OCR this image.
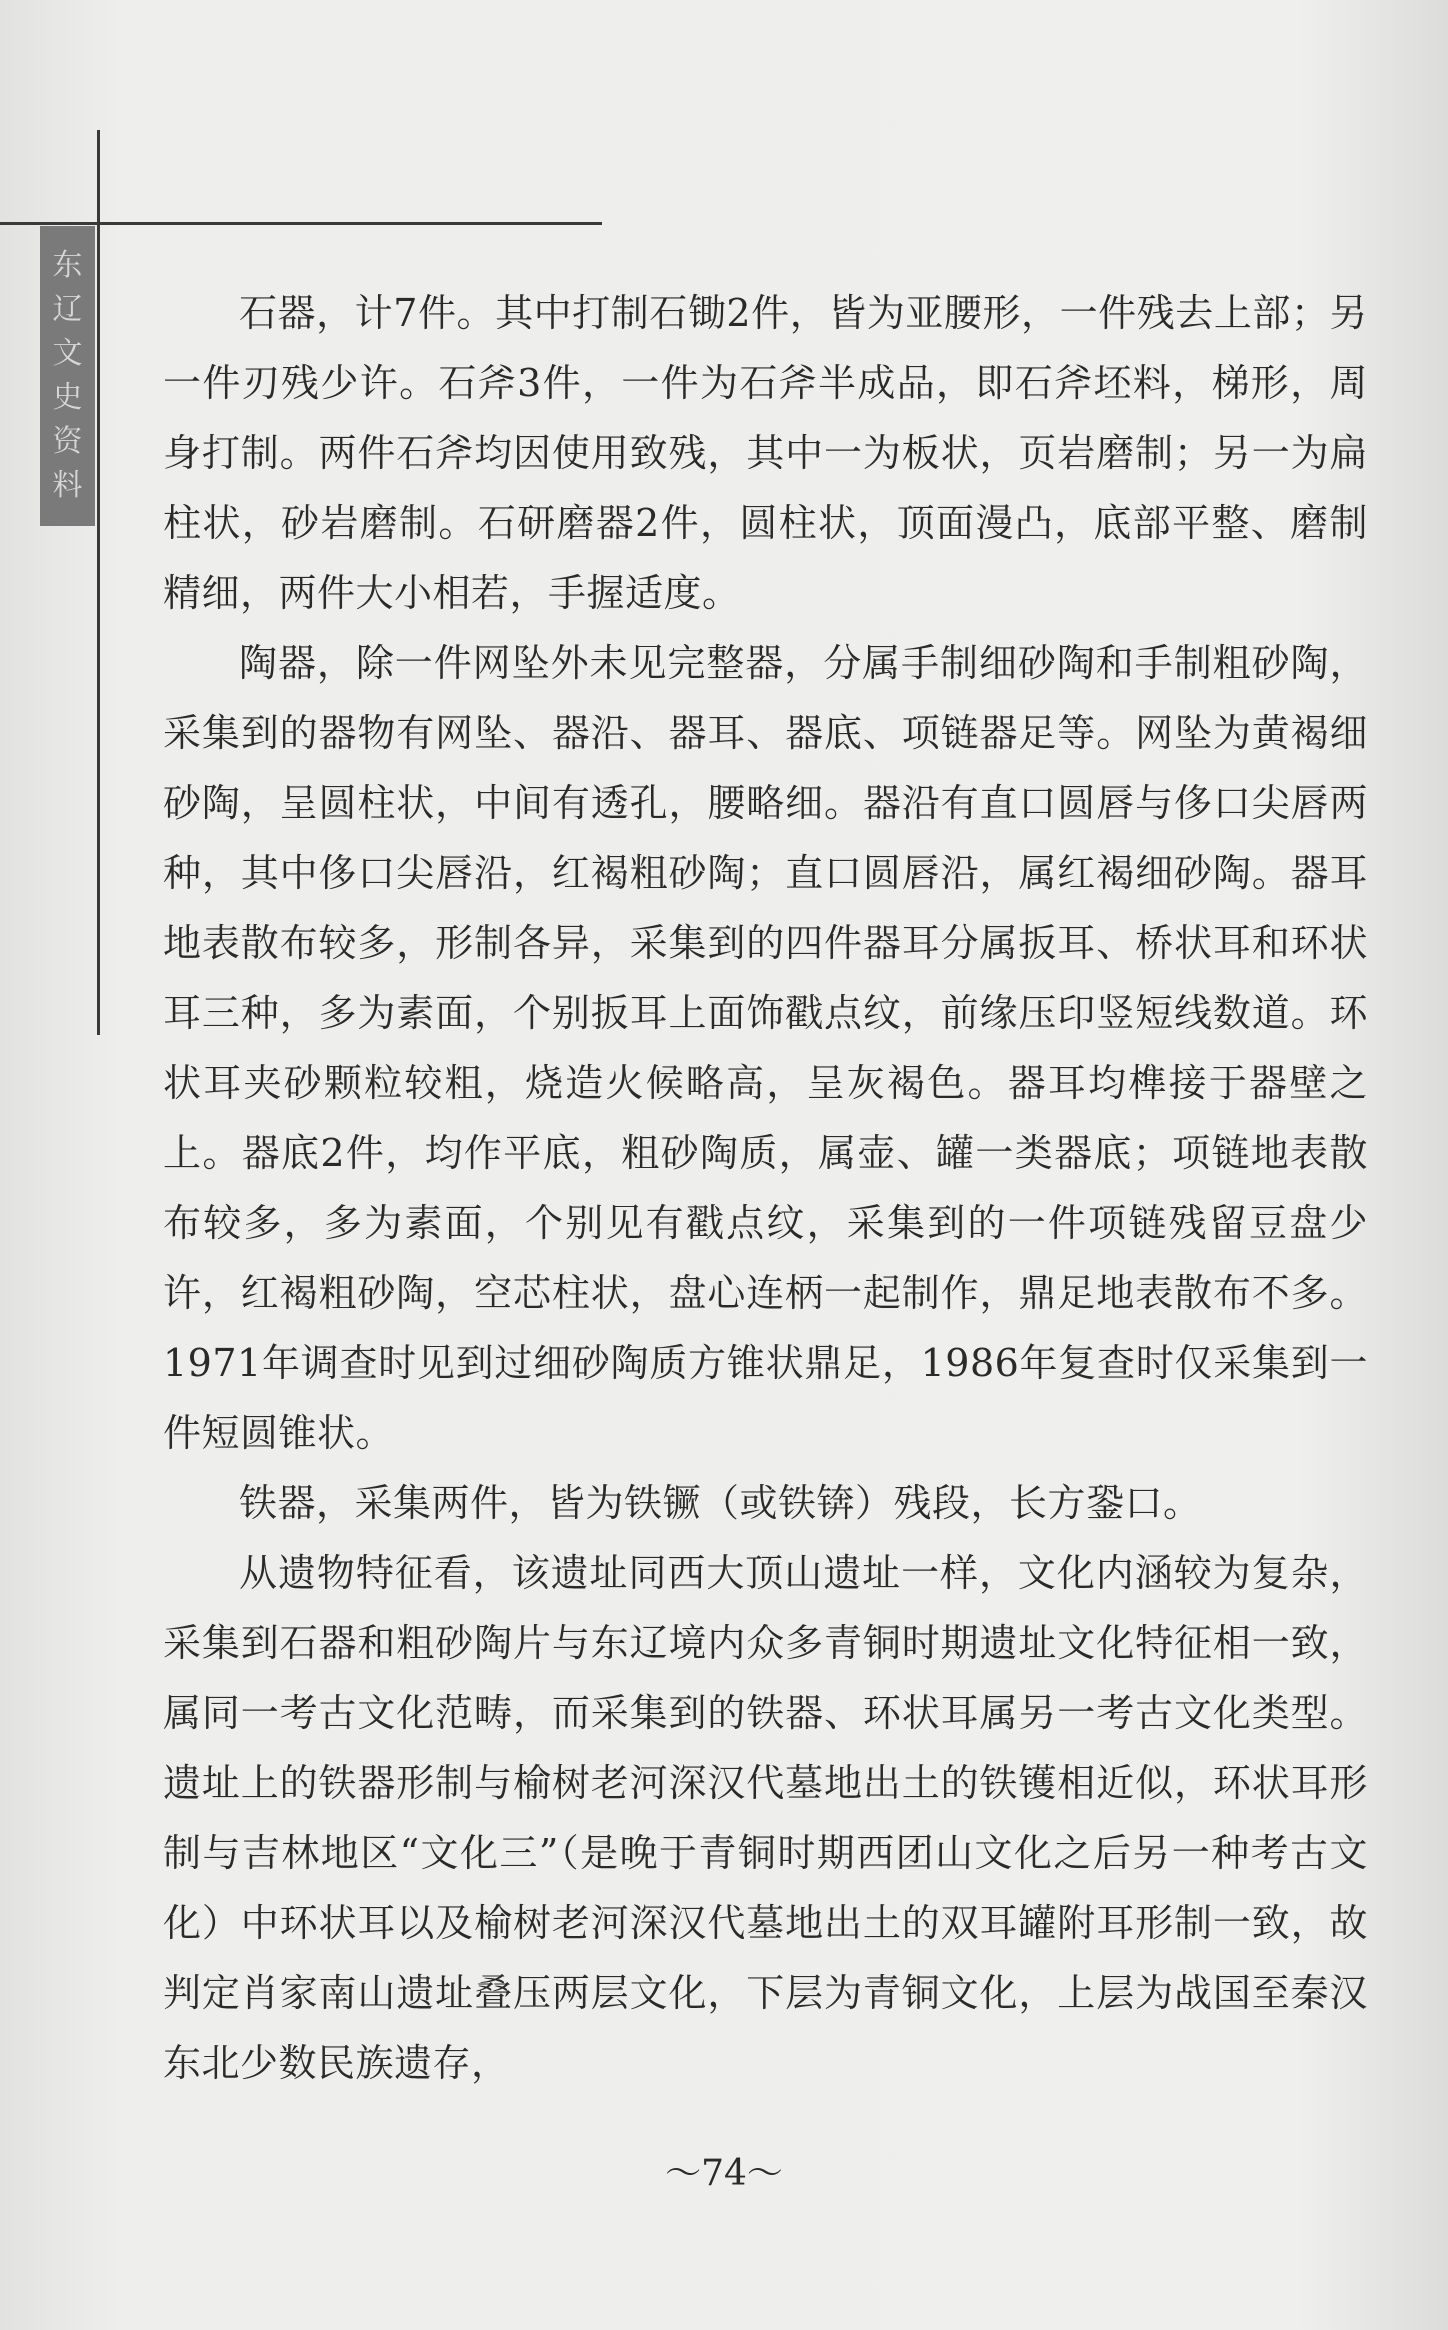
东
辽
文
史
资
料

石器，计7件。其中打制石锄2件，皆为亚腰形，一件残去上部；另一件刃残少许。石斧3件，一件为石斧半成品，即石斧坯料，梯形，周身打制。两件石斧均因使用致残，其中一为板状，页岩磨制；另一为扁柱状，砂岩磨制。石研磨器2件，圆柱状，顶面漫凸，底部平整、磨制精细，两件大小相若，手握适度。

陶器，除一件网坠外未见完整器，分属手制细砂陶和手制粗砂陶，采集到的器物有网坠、器沿、器耳、器底、项链器足等。网坠为黄褐细砂陶，呈圆柱状，中间有透孔，腰略细。器沿有直口圆唇与侈口尖唇两种，其中侈口尖唇沿，红褐粗砂陶；直口圆唇沿，属红褐细砂陶。器耳地表散布较多，形制各异，采集到的四件器耳分属扳耳、桥状耳和环状耳三种，多为素面，个别扳耳上面饰戳点纹，前缘压印竖短线数道。环状耳夹砂颗粒较粗，烧造火候略高，呈灰褐色。器耳均榫接于器壁之上。器底2件，均作平底，粗砂陶质，属壶、罐一类器底；项链地表散布较多，多为素面，个别见有戳点纹，采集到的一件项链残留豆盘少许，红褐粗砂陶，空芯柱状，盘心连柄一起制作，鼎足地表散布不多。1971年调查时见到过细砂陶质方锥状鼎足，1986年复查时仅采集到一件短圆锥状。

铁器，采集两件，皆为铁镢（或铁锛）残段，长方銎口。

从遗物特征看，该遗址同西大顶山遗址一样，文化内涵较为复杂，采集到石器和粗砂陶片与东辽境内众多青铜时期遗址文化特征相一致，属同一考古文化范畴，而采集到的铁器、环状耳属另一考古文化类型。遗址上的铁器形制与榆树老河深汉代墓地出土的铁镬相近似，环状耳形制与吉林地区“文化三”（是晚于青铜时期西团山文化之后另一种考古文化）中环状耳以及榆树老河深汉代墓地出土的双耳罐附耳形制一致，故判定肖家南山遗址叠压两层文化，下层为青铜文化，上层为战国至秦汉东北少数民族遗存，

～74～
